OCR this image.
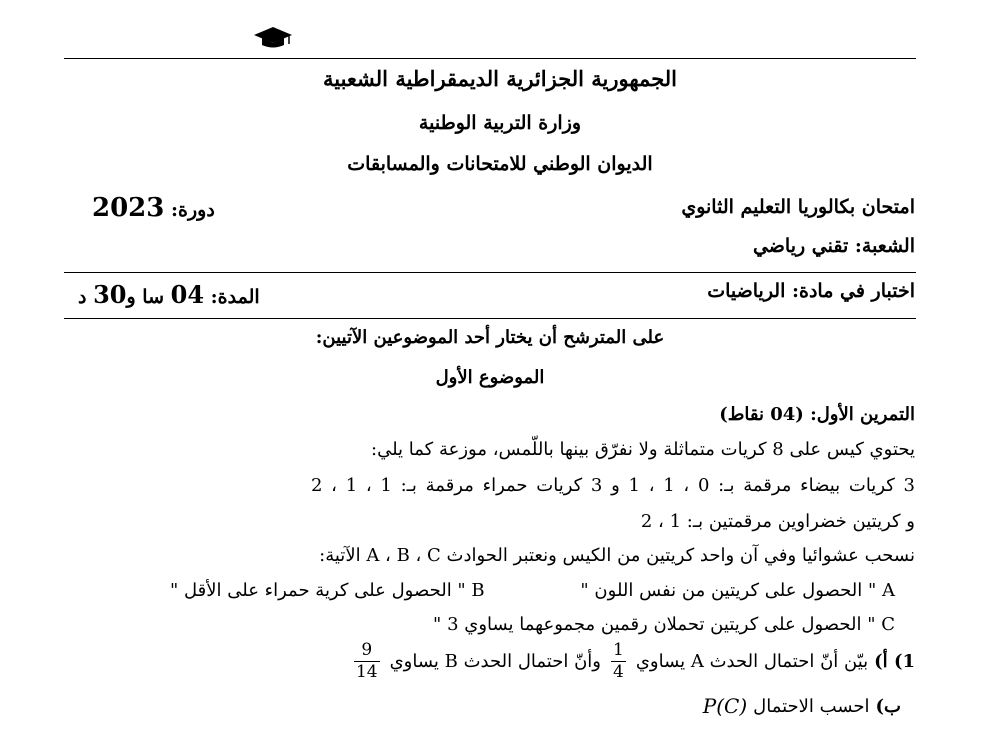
الجمهورية الجزائرية الديمقراطية الشعبية
وزارة التربية الوطنية
الديوان الوطني للامتحانات والمسابقات
امتحان بكالوريا التعليم الثانوي
دورة: 2023
الشعبة: تقني رياضي
اختبار في مادة: الرياضيات
المدة: 04 سا و30 د
على المترشح أن يختار أحد الموضوعين الآتيين:
الموضوع الأول
التمرين الأول: (04 نقاط)
يحتوي كيس على 8 كريات متماثلة ولا نفرّق بينها باللّمس، موزعة كما يلي:
3 كريات بيضاء مرقمة بـ: 0 ، 1 ، 1 و 3 كريات حمراء مرقمة بـ: 1 ، 1 ، 2
و كريتين خضراوين مرقمتين بـ: 1 ، 2
نسحب عشوائيا وفي آن واحد كريتين من الكيس ونعتبر الحوادث A ، B ، C الآتية:
A " الحصول على كريتين من نفس اللون "
B " الحصول على كرية حمراء على الأقل "
C " الحصول على كريتين تحملان رقمين مجموعهما يساوي 3 "
1) أ)
بيّن أنّ احتمال الحدث A يساوي
$\frac{1}{4}$
وأنّ احتمال الحدث B يساوي
$\frac{9}{14}$
ب)
احسب الاحتمال
P(C)
